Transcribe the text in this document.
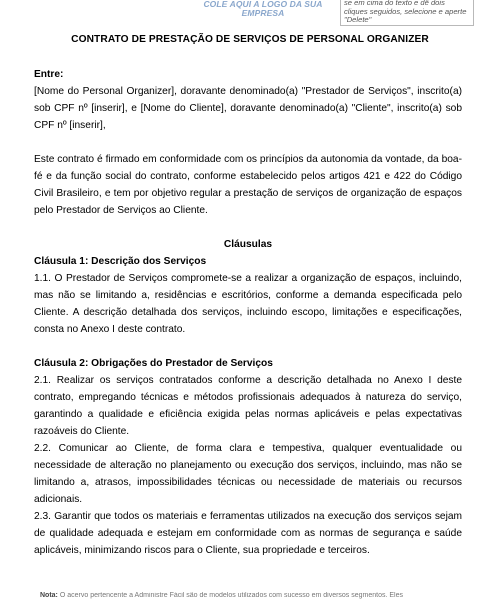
COLE AQUI A LOGO DA SUA EMPRESA
se em cima do texto e dê dois cliques seguidos, selecione e aperte "Delete"
CONTRATO DE PRESTAÇÃO DE SERVIÇOS DE PERSONAL ORGANIZER

Entre:

[Nome do Personal Organizer], doravante denominado(a) "Prestador de Serviços", inscrito(a) sob CPF nº [inserir], e [Nome do Cliente], doravante denominado(a) "Cliente", inscrito(a) sob CPF nº [inserir],

Este contrato é firmado em conformidade com os princípios da autonomia da vontade, da boa-fé e da função social do contrato, conforme estabelecido pelos artigos 421 e 422 do Código Civil Brasileiro, e tem por objetivo regular a prestação de serviços de organização de espaços pelo Prestador de Serviços ao Cliente.

Cláusulas

Cláusula 1: Descrição dos Serviços

1.1. O Prestador de Serviços compromete-se a realizar a organização de espaços, incluindo, mas não se limitando a, residências e escritórios, conforme a demanda especificada pelo Cliente. A descrição detalhada dos serviços, incluindo escopo, limitações e especificações, consta no Anexo I deste contrato.

Cláusula 2: Obrigações do Prestador de Serviços

2.1. Realizar os serviços contratados conforme a descrição detalhada no Anexo I deste contrato, empregando técnicas e métodos profissionais adequados à natureza do serviço, garantindo a qualidade e eficiência exigida pelas normas aplicáveis e pelas expectativas razoáveis do Cliente.

2.2. Comunicar ao Cliente, de forma clara e tempestiva, qualquer eventualidade ou necessidade de alteração no planejamento ou execução dos serviços, incluindo, mas não se limitando a, atrasos, impossibilidades técnicas ou necessidade de materiais ou recursos adicionais.

2.3. Garantir que todos os materiais e ferramentas utilizados na execução dos serviços sejam de qualidade adequada e estejam em conformidade com as normas de segurança e saúde aplicáveis, minimizando riscos para o Cliente, sua propriedade e terceiros.

Nota: O acervo pertencente a Administre Fácil são de modelos utilizados com sucesso em diversos segmentos. Eles
